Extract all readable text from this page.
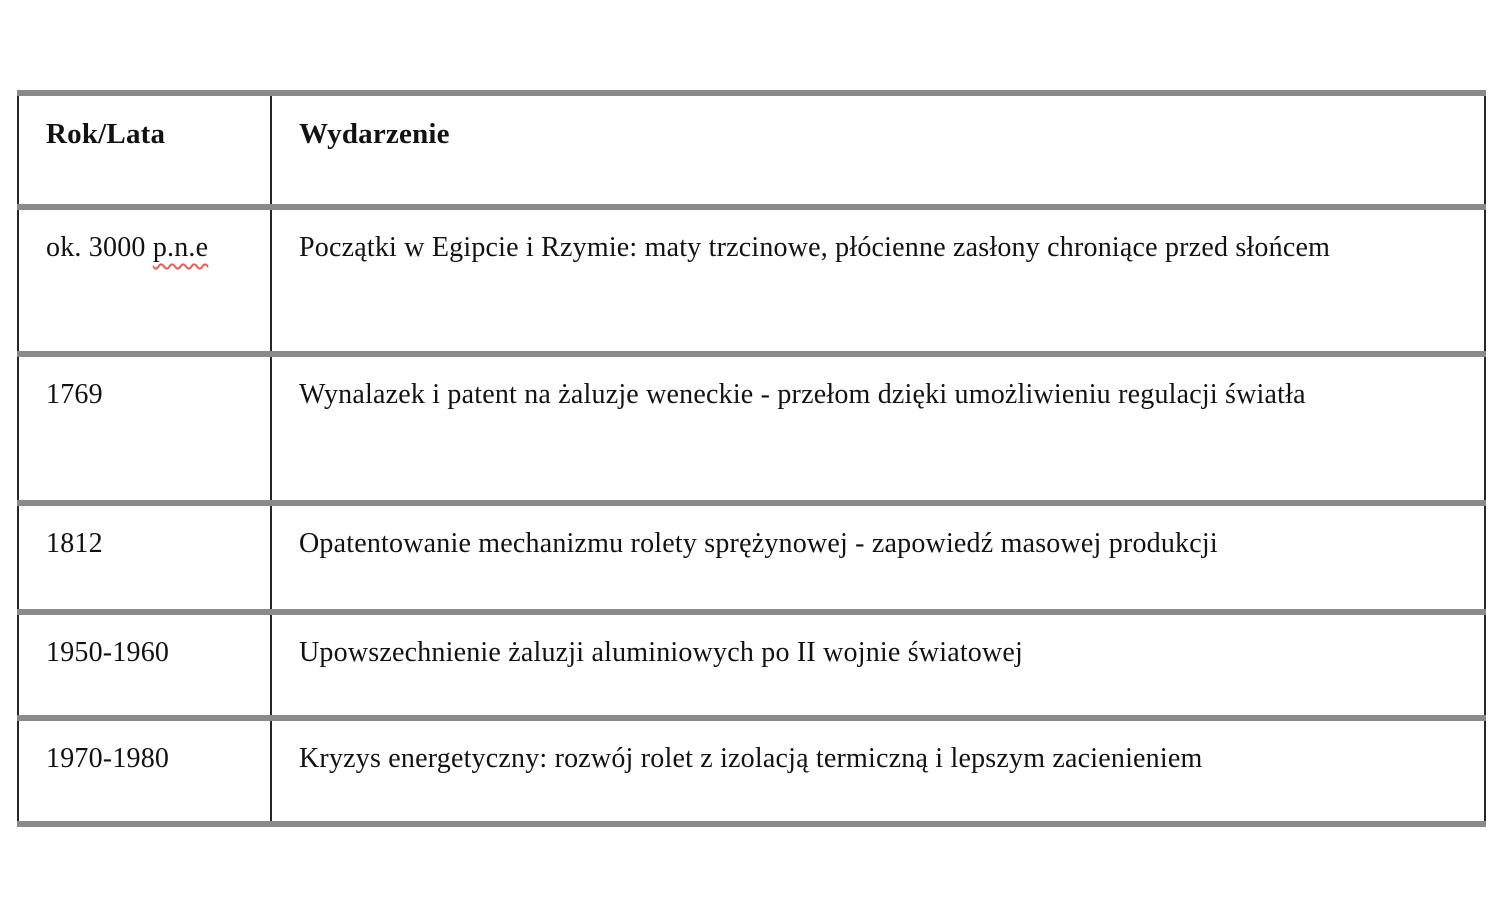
Rok/Lata	Wydarzenie
ok. 3000 p.n.e	Początki w Egipcie i Rzymie: maty trzcinowe, płócienne zasłony chroniące przed słońcem
1769	Wynalazek i patent na żaluzje weneckie - przełom dzięki umożliwieniu regulacji światła
1812	Opatentowanie mechanizmu rolety sprężynowej - zapowiedź masowej produkcji
1950-1960	Upowszechnienie żaluzji aluminiowych po II wojnie światowej
1970-1980	Kryzys energetyczny: rozwój rolet z izolacją termiczną i lepszym zacienieniem
